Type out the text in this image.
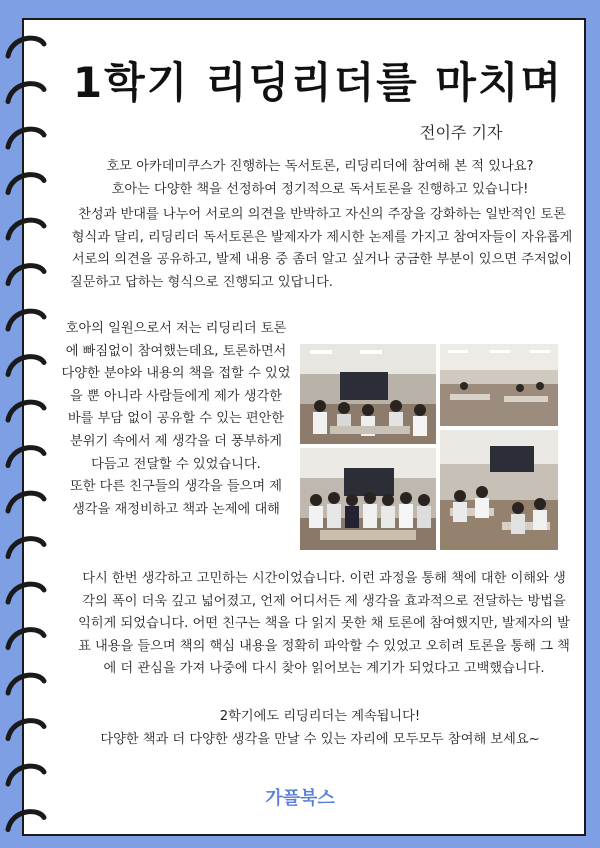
1학기 리딩리더를 마치며
전이주 기자
호모 아카데미쿠스가 진행하는 독서토론, 리딩리더에 참여해 본 적 있나요?
호아는 다양한 책을 선정하여 정기적으로 독서토론을 진행하고 있습니다!
찬성과 반대를 나누어 서로의 의견을 반박하고 자신의 주장을 강화하는 일반적인 토론
형식과 달리, 리딩리더 독서토론은 발제자가 제시한 논제를 가지고 참여자들이 자유롭게
서로의 의견을 공유하고, 발제 내용 중 좀더 알고 싶거나 궁금한 부분이 있으면 주저없이
질문하고 답하는 형식으로 진행되고 있답니다.
호아의 일원으로서 저는 리딩리더 토론
에 빠짐없이 참여했는데요, 토론하면서
다양한 분야와 내용의 책을 접할 수 있었
을 뿐 아니라 사람들에게 제가 생각한
바를 부담 없이 공유할 수 있는 편안한
분위기 속에서 제 생각을 더 풍부하게
다듬고 전달할 수 있었습니다.
또한 다른 친구들의 생각을 들으며 제
생각을 재정비하고 책과 논제에 대해
다시 한번 생각하고 고민하는 시간이었습니다. 이런 과정을 통해 책에 대한 이해와 생
각의 폭이 더욱 깊고 넓어졌고, 언제 어디서든 제 생각을 효과적으로 전달하는 방법을
익히게 되었습니다. 어떤 친구는 책을 다 읽지 못한 채 토론에 참여했지만, 발제자의 발
표 내용을 들으며 책의 핵심 내용을 정확히 파악할 수 있었고 오히려 토론을 통해 그 책
에 더 관심을 가져 나중에 다시 찾아 읽어보는 계기가 되었다고 고백했습니다.
2학기에도 리딩리더는 계속됩니다!
다양한 책과 더 다양한 생각을 만날 수 있는 자리에 모두모두 참여해 보세요~
가플북스
